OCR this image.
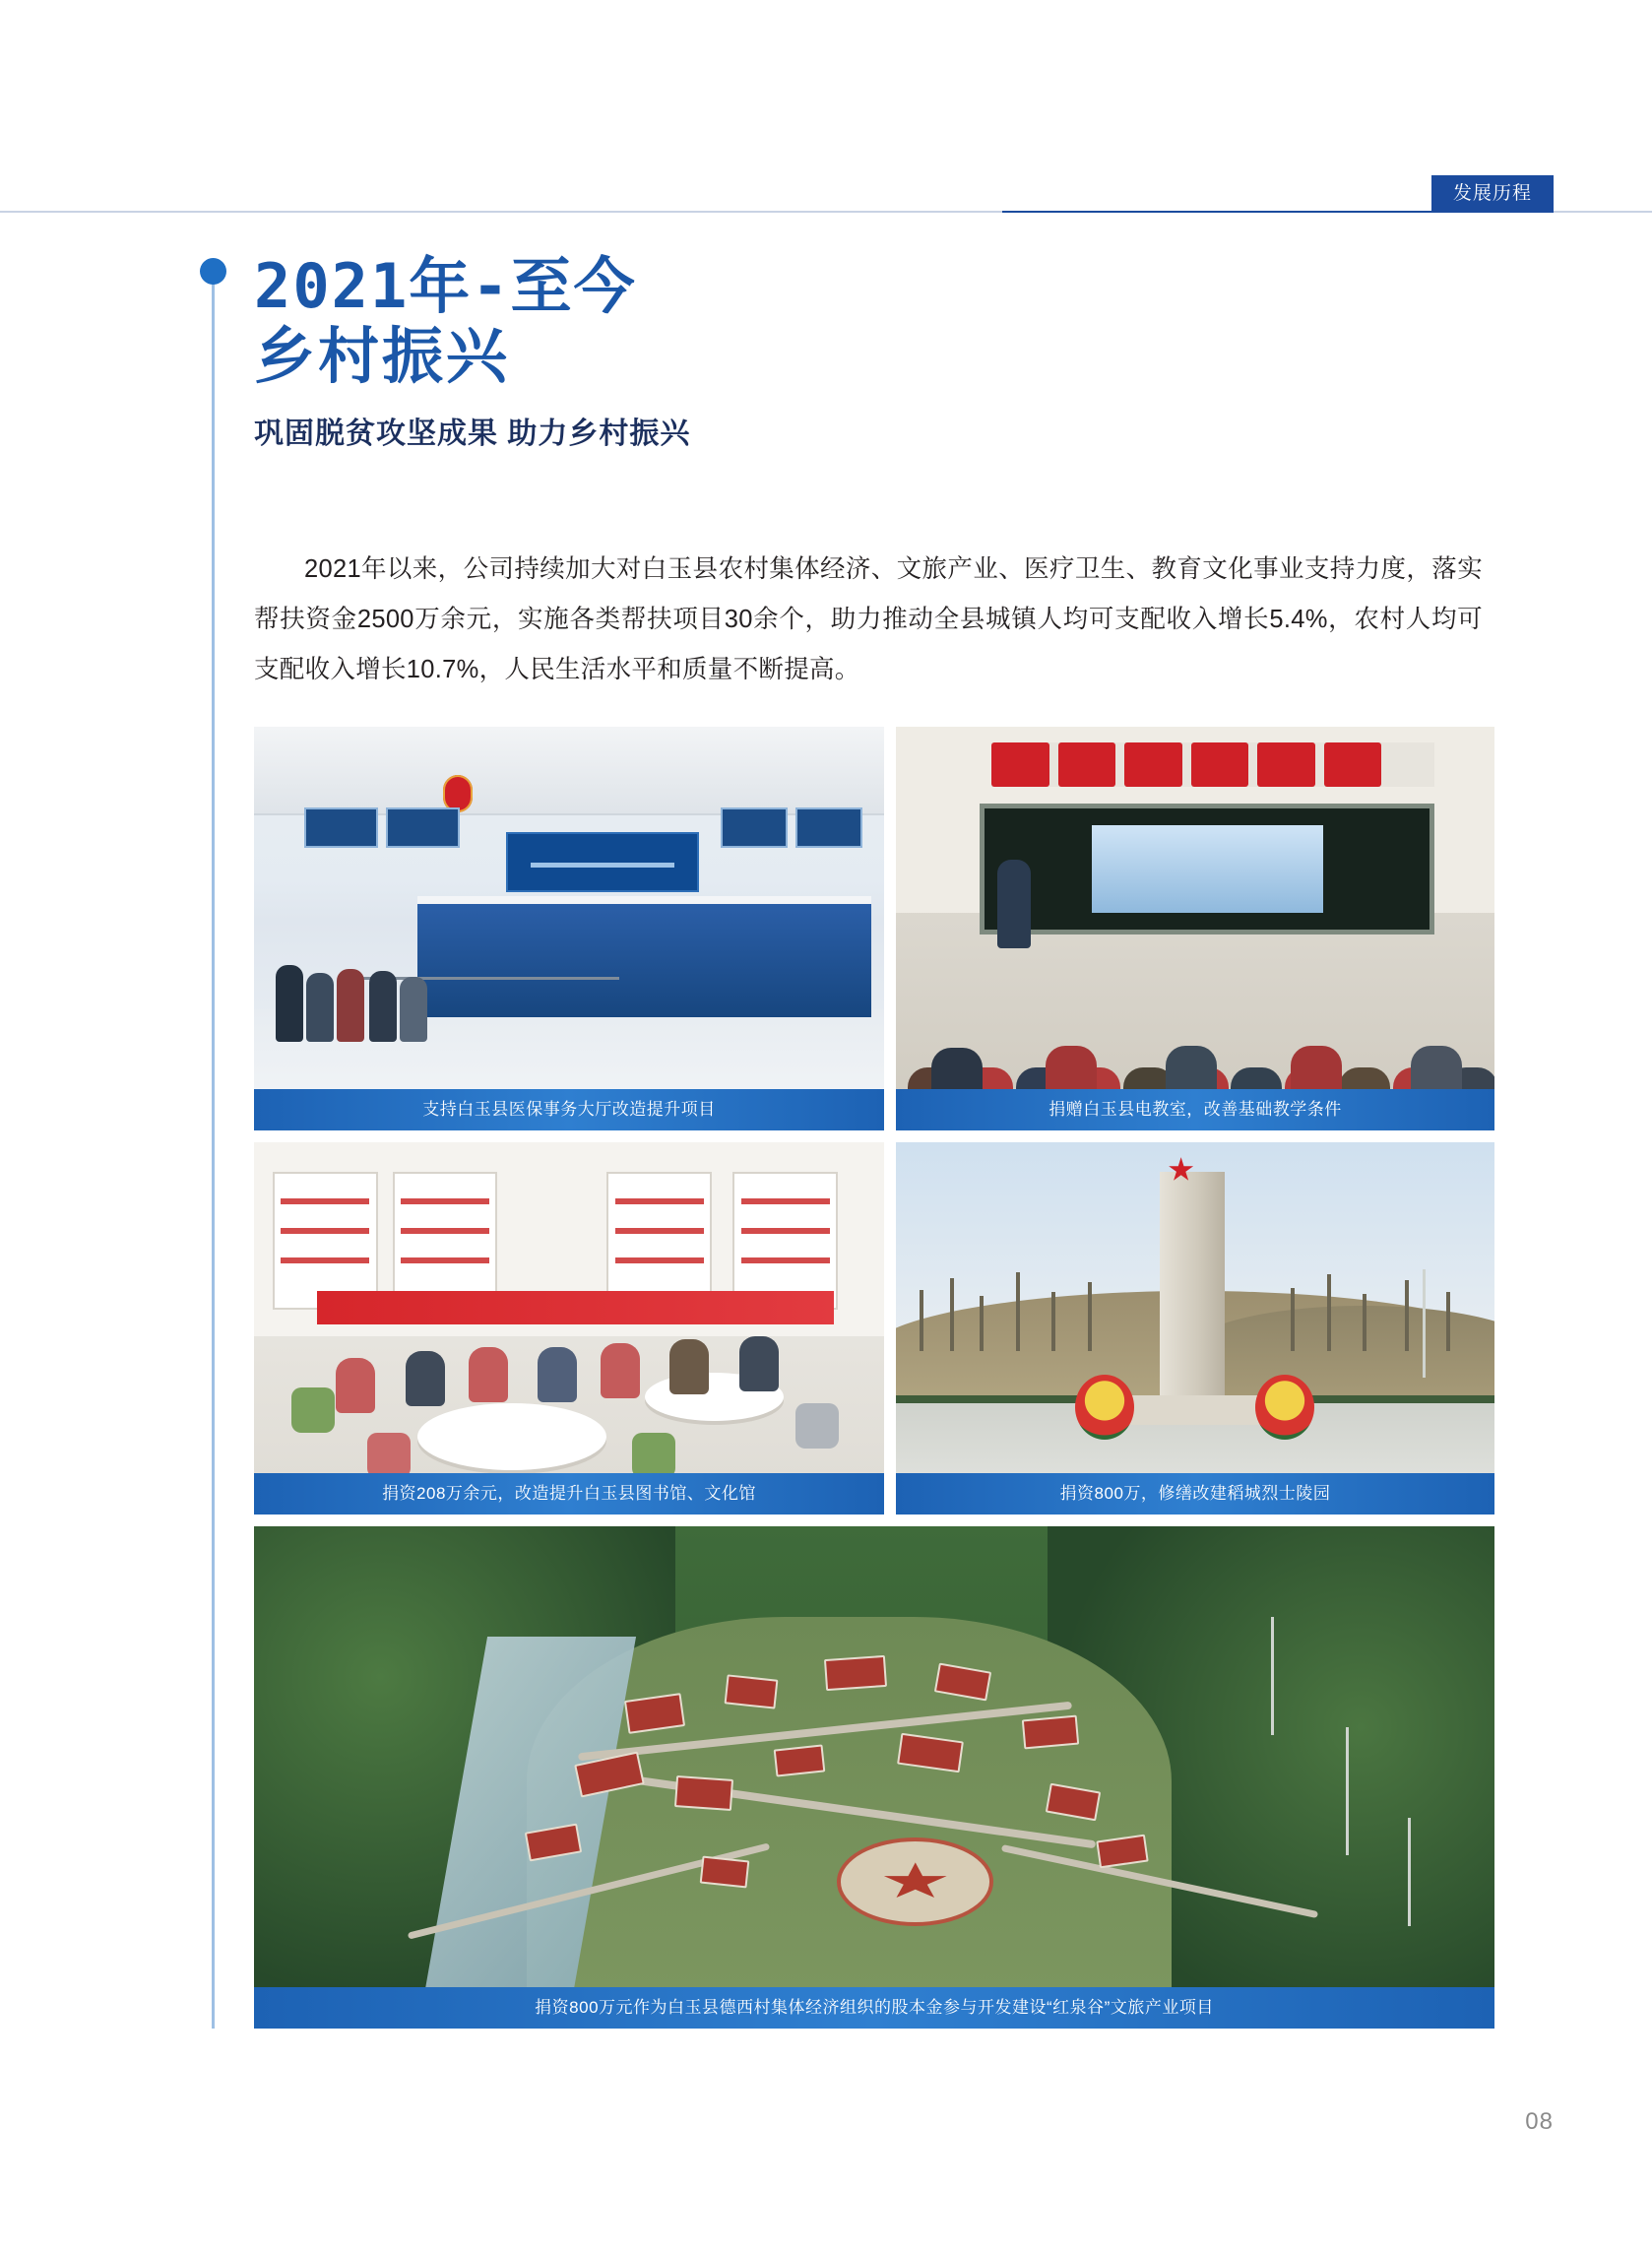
发展历程
2021年-至今
乡村振兴
巩固脱贫攻坚成果 助力乡村振兴

2021年以来，公司持续加大对白玉县农村集体经济、文旅产业、医疗卫生、教育文化事业支持力度，落实帮扶资金2500万余元，实施各类帮扶项目30余个，助力推动全县城镇人均可支配收入增长5.4%，农村人均可支配收入增长10.7%，人民生活水平和质量不断提高。

支持白玉县医保事务大厅改造提升项目	捐赠白玉县电教室，改善基础教学条件
捐资208万余元，改造提升白玉县图书馆、文化馆	捐资800万，修缮改建稻城烈士陵园
捐资800万元作为白玉县德西村集体经济组织的股本金参与开发建设“红泉谷”文旅产业项目
08
